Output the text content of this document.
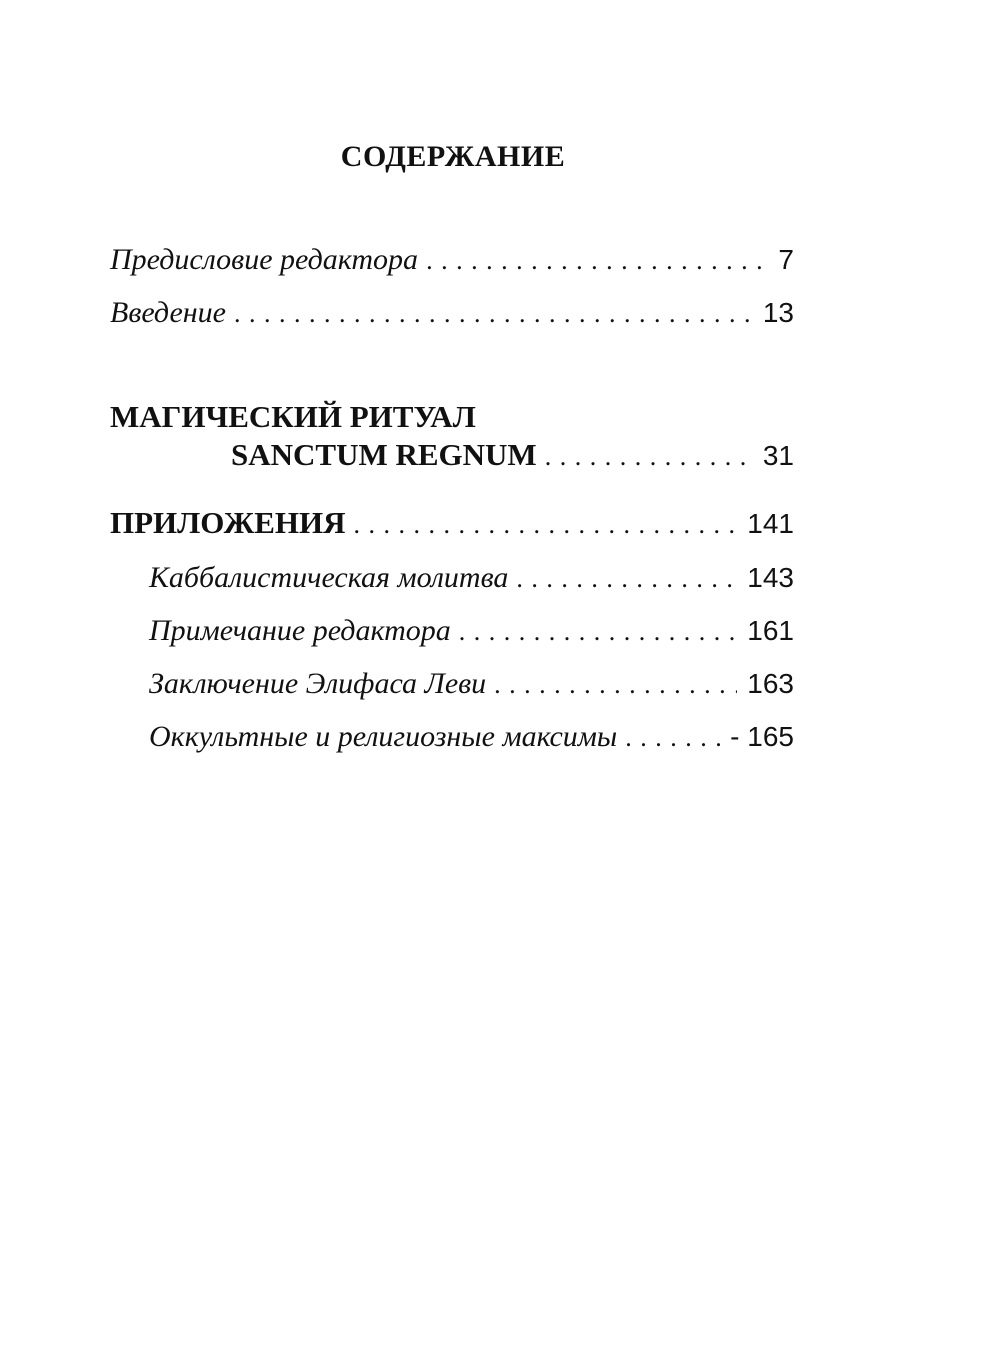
СОДЕРЖАНИЕ
Предисловие редактора . . .	7
Введение . . .	13
МАГИЧЕСКИЙ РИТУАЛ
SANCTUM REGNUM . . .	31
ПРИЛОЖЕНИЯ . . .	141
Каббалистическая молитва . . .	143
Примечание редактора . . .	161
Заключение Элифаса Леви . . .	163
Оккультные и религиозные максимы . . .	- 165
